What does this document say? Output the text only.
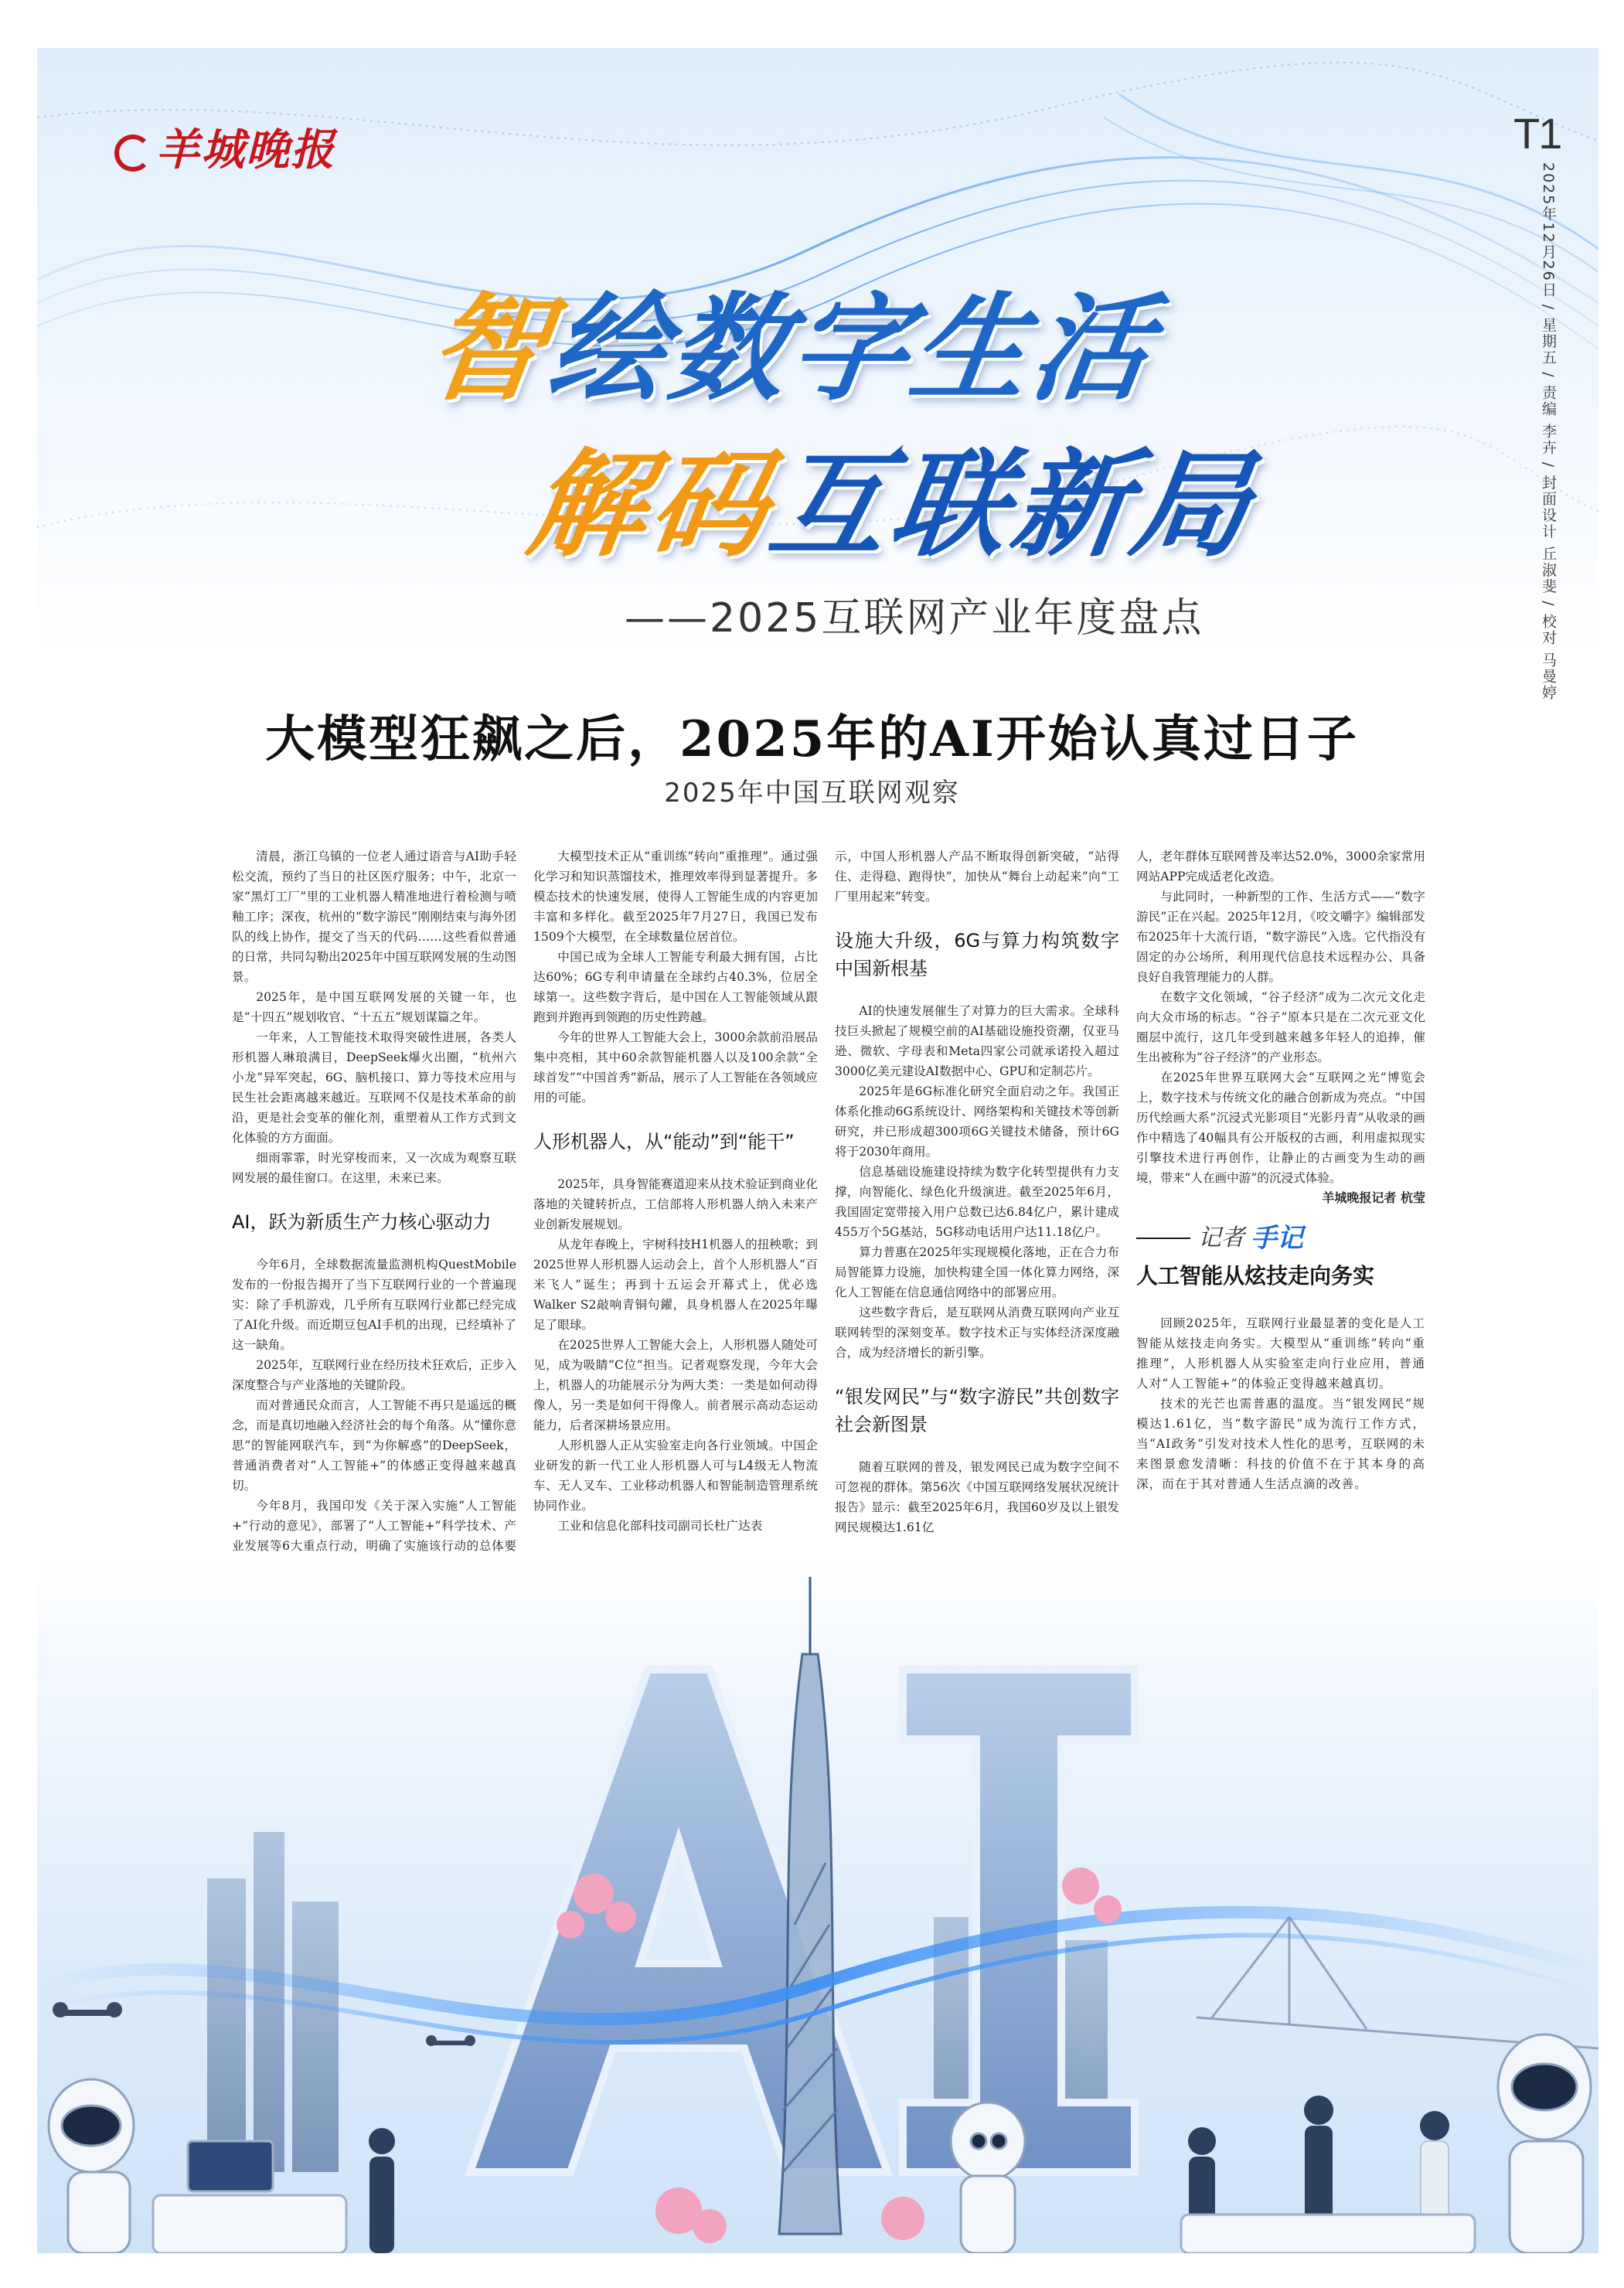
羊城晚报
智绘数字生活
解码互联新局
——2025互联网产业年度盘点
T1
2025年12月26日 / 星期五 / 责编 李卉 / 封面设计 丘淑斐 / 校对 马曼婷
大模型狂飙之后，2025年的AI开始认真过日子
2025年中国互联网观察

清晨，浙江乌镇的一位老人通过语音与AI助手轻松交流，预约了当日的社区医疗服务；中午，北京一家“黑灯工厂”里的工业机器人精准地进行着检测与喷釉工序；深夜，杭州的“数字游民”刚刚结束与海外团队的线上协作，提交了当天的代码……这些看似普通的日常，共同勾勒出2025年中国互联网发展的生动图景。

2025年，是中国互联网发展的关键一年，也是“十四五”规划收官、“十五五”规划谋篇之年。

一年来，人工智能技术取得突破性进展，各类人形机器人琳琅满目，DeepSeek爆火出圈，“杭州六小龙”异军突起，6G、脑机接口、算力等技术应用与民生社会距离越来越近。互联网不仅是技术革命的前沿，更是社会变革的催化剂，重塑着从工作方式到文化体验的方方面面。

细雨霏霏，时光穿梭而来，又一次成为观察互联网发展的最佳窗口。在这里，未来已来。

AI，跃为新质生产力核心驱动力

今年6月，全球数据流量监测机构QuestMobile发布的一份报告揭开了当下互联网行业的一个普遍现实：除了手机游戏，几乎所有互联网行业都已经完成了AI化升级。而近期豆包AI手机的出现，已经填补了这一缺角。

2025年，互联网行业在经历技术狂欢后，正步入深度整合与产业落地的关键阶段。

而对普通民众而言，人工智能不再只是遥远的概念，而是真切地融入经济社会的每个角落。从“懂你意思”的智能网联汽车，到“为你解惑”的DeepSeek，普通消费者对“人工智能+”的体感正变得越来越真切。

今年8月，我国印发《关于深入实施“人工智能+”行动的意见》，部署了“人工智能+”科学技术、产业发展等6大重点行动，明确了实施该行动的总体要

大模型技术正从“重训练”转向“重推理”。通过强化学习和知识蒸馏技术，推理效率得到显著提升。多模态技术的快速发展，使得人工智能生成的内容更加丰富和多样化。截至2025年7月27日，我国已发布1509个大模型，在全球数量位居首位。

中国已成为全球人工智能专利最大拥有国，占比达60%；6G专利申请量在全球约占40.3%，位居全球第一。这些数字背后，是中国在人工智能领域从跟跑到并跑再到领跑的历史性跨越。

今年的世界人工智能大会上，3000余款前沿展品集中亮相，其中60余款智能机器人以及100余款“全球首发”“中国首秀”新品，展示了人工智能在各领域应用的可能。

人形机器人，从“能动”到“能干”

2025年，具身智能赛道迎来从技术验证到商业化落地的关键转折点，工信部将人形机器人纳入未来产业创新发展规划。

从龙年春晚上，宇树科技H1机器人的扭秧歌；到2025世界人形机器人运动会上，首个人形机器人“百米飞人”诞生；再到十五运会开幕式上，优必选Walker S2敲响青铜句鑃，具身机器人在2025年曝足了眼球。

在2025世界人工智能大会上，人形机器人随处可见，成为吸睛“C位”担当。记者观察发现，今年大会上，机器人的功能展示分为两大类：一类是如何动得像人，另一类是如何干得像人。前者展示高动态运动能力，后者深耕场景应用。

人形机器人正从实验室走向各行业领域。中国企业研发的新一代工业人形机器人可与L4级无人物流车、无人叉车、工业移动机器人和智能制造管理系统协同作业。

工业和信息化部科技司副司长杜广达表

示，中国人形机器人产品不断取得创新突破，“站得住、走得稳、跑得快”，加快从“舞台上动起来”向“工厂里用起来”转变。

设施大升级，6G与算力构筑数字中国新根基

AI的快速发展催生了对算力的巨大需求。全球科技巨头掀起了规模空前的AI基础设施投资潮，仅亚马逊、微软、字母表和Meta四家公司就承诺投入超过3000亿美元建设AI数据中心、GPU和定制芯片。

2025年是6G标准化研究全面启动之年。我国正体系化推动6G系统设计、网络架构和关键技术等创新研究，并已形成超300项6G关键技术储备，预计6G将于2030年商用。

信息基础设施建设持续为数字化转型提供有力支撑，向智能化、绿色化升级演进。截至2025年6月，我国固定宽带接入用户总数已达6.84亿户，累计建成455万个5G基站，5G移动电话用户达11.18亿户。

算力普惠在2025年实现规模化落地，正在合力布局智能算力设施，加快构建全国一体化算力网络，深化人工智能在信息通信网络中的部署应用。

这些数字背后，是互联网从消费互联网向产业互联网转型的深刻变革。数字技术正与实体经济深度融合，成为经济增长的新引擎。

“银发网民”与“数字游民”共创数字社会新图景

随着互联网的普及，银发网民已成为数字空间不可忽视的群体。第56次《中国互联网络发展状况统计报告》显示：截至2025年6月，我国60岁及以上银发网民规模达1.61亿

人，老年群体互联网普及率达52.0%，3000余家常用网站APP完成适老化改造。

与此同时，一种新型的工作、生活方式——“数字游民”正在兴起。2025年12月，《咬文嚼字》编辑部发布2025年十大流行语，“数字游民”入选。它代指没有固定的办公场所，利用现代信息技术远程办公、具备良好自我管理能力的人群。

在数字文化领域，“谷子经济”成为二次元文化走向大众市场的标志。“谷子”原本只是在二次元亚文化圈层中流行，这几年受到越来越多年轻人的追捧，催生出被称为“谷子经济”的产业形态。

在2025年世界互联网大会“互联网之光”博览会上，数字技术与传统文化的融合创新成为亮点。“中国历代绘画大系”沉浸式光影项目“光影丹青”从收录的画作中精选了40幅具有公开版权的古画，利用虚拟现实引擎技术进行再创作，让静止的古画变为生动的画境，带来“人在画中游”的沉浸式体验。

羊城晚报记者 杭莹

记者 手记
人工智能从炫技走向务实

回顾2025年，互联网行业最显著的变化是人工智能从炫技走向务实。大模型从“重训练”转向“重推理”，人形机器人从实验室走向行业应用，普通人对“人工智能+”的体验正变得越来越真切。

技术的光芒也需普惠的温度。当“银发网民”规模达1.61亿，当“数字游民”成为流行工作方式，当“AI政务”引发对技术人性化的思考，互联网的未来图景愈发清晰：科技的价值不在于其本身的高深，而在于其对普通人生活点滴的改善。
